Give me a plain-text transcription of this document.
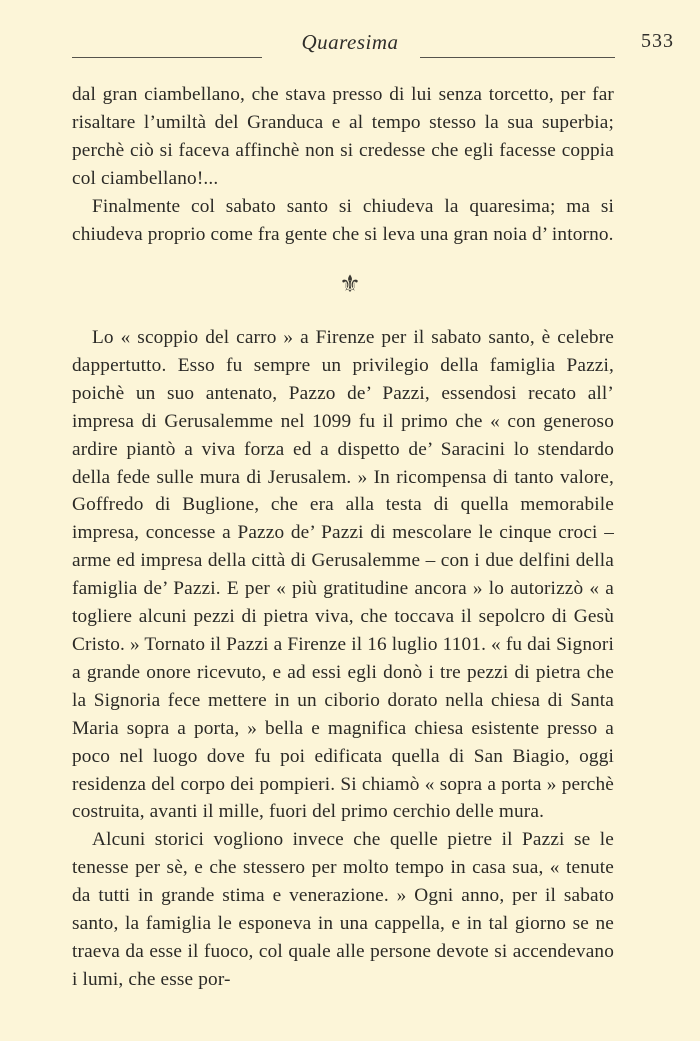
Quaresima	533

dal gran ciambellano, che stava presso di lui senza torcetto, per far risaltare l’umiltà del Granduca e al tempo stesso la sua superbia; perchè ciò si faceva affinchè non si credesse che egli facesse coppia col ciambellano!...

Finalmente col sabato santo si chiudeva la quaresima; ma si chiudeva proprio come fra gente che si leva una gran noia d’ intorno.

⚜

Lo « scoppio del carro » a Firenze per il sabato santo, è celebre dappertutto. Esso fu sempre un privilegio della famiglia Pazzi, poichè un suo antenato, Pazzo de’ Pazzi, essendosi recato all’ impresa di Gerusalemme nel 1099 fu il primo che « con generoso ardire piantò a viva forza ed a dispetto de’ Saracini lo stendardo della fede sulle mura di Jerusalem. » In ricompensa di tanto valore, Goffredo di Buglione, che era alla testa di quella memorabile impresa, concesse a Pazzo de’ Pazzi di mescolare le cinque croci – arme ed impresa della città di Gerusalemme – con i due delfini della famiglia de’ Pazzi. E per « più gratitudine ancora » lo autorizzò « a togliere alcuni pezzi di pietra viva, che toccava il sepolcro di Gesù Cristo. » Tornato il Pazzi a Firenze il 16 luglio 1101. « fu dai Signori a grande onore ricevuto, e ad essi egli donò i tre pezzi di pietra che la Signoria fece mettere in un ciborio dorato nella chiesa di Santa Maria sopra a porta, » bella e magnifica chiesa esistente presso a poco nel luogo dove fu poi edificata quella di San Biagio, oggi residenza del corpo dei pompieri. Si chiamò « sopra a porta » perchè costruita, avanti il mille, fuori del primo cerchio delle mura.

Alcuni storici vogliono invece che quelle pietre il Pazzi se le tenesse per sè, e che stessero per molto tempo in casa sua, « tenute da tutti in grande stima e venerazione. » Ogni anno, per il sabato santo, la famiglia le esponeva in una cappella, e in tal giorno se ne traeva da esse il fuoco, col quale alle persone devote si accendevano i lumi, che esse por-
